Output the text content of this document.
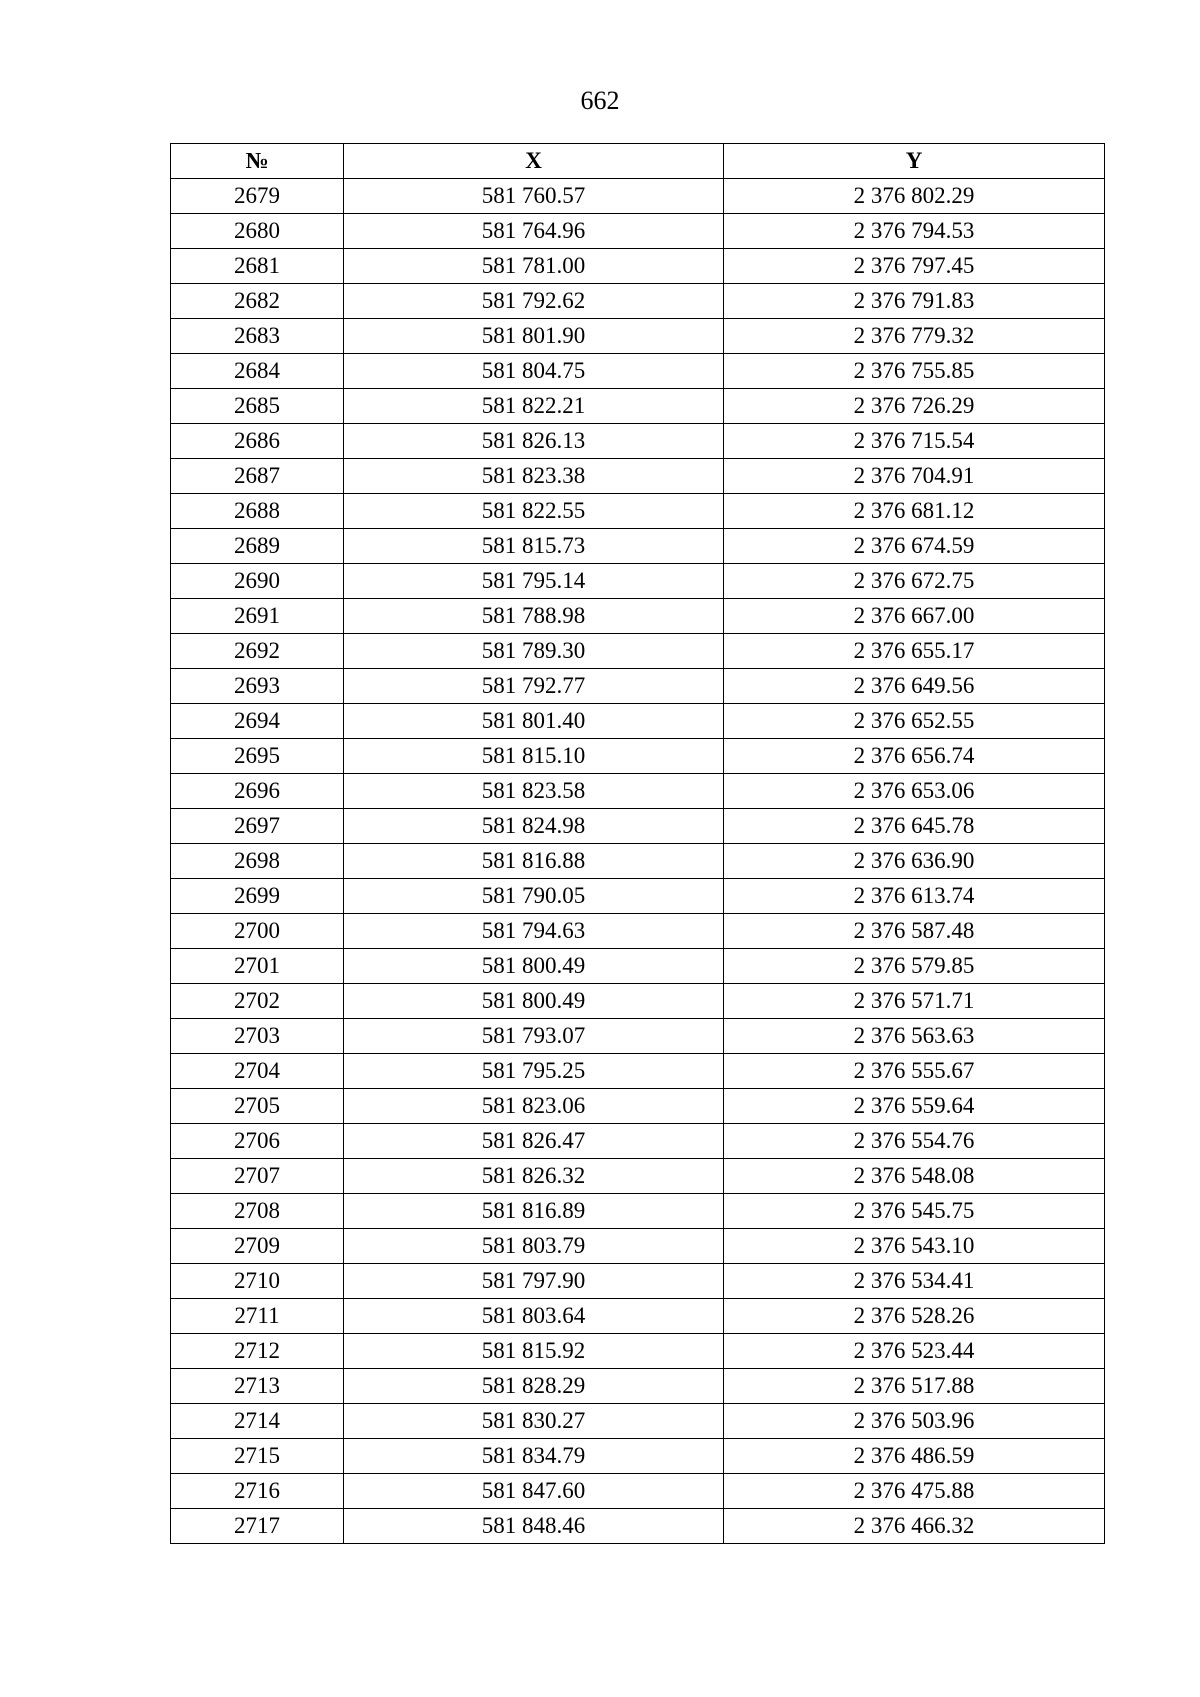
662
№	X	Y
2679	581 760.57	2 376 802.29
2680	581 764.96	2 376 794.53
2681	581 781.00	2 376 797.45
2682	581 792.62	2 376 791.83
2683	581 801.90	2 376 779.32
2684	581 804.75	2 376 755.85
2685	581 822.21	2 376 726.29
2686	581 826.13	2 376 715.54
2687	581 823.38	2 376 704.91
2688	581 822.55	2 376 681.12
2689	581 815.73	2 376 674.59
2690	581 795.14	2 376 672.75
2691	581 788.98	2 376 667.00
2692	581 789.30	2 376 655.17
2693	581 792.77	2 376 649.56
2694	581 801.40	2 376 652.55
2695	581 815.10	2 376 656.74
2696	581 823.58	2 376 653.06
2697	581 824.98	2 376 645.78
2698	581 816.88	2 376 636.90
2699	581 790.05	2 376 613.74
2700	581 794.63	2 376 587.48
2701	581 800.49	2 376 579.85
2702	581 800.49	2 376 571.71
2703	581 793.07	2 376 563.63
2704	581 795.25	2 376 555.67
2705	581 823.06	2 376 559.64
2706	581 826.47	2 376 554.76
2707	581 826.32	2 376 548.08
2708	581 816.89	2 376 545.75
2709	581 803.79	2 376 543.10
2710	581 797.90	2 376 534.41
2711	581 803.64	2 376 528.26
2712	581 815.92	2 376 523.44
2713	581 828.29	2 376 517.88
2714	581 830.27	2 376 503.96
2715	581 834.79	2 376 486.59
2716	581 847.60	2 376 475.88
2717	581 848.46	2 376 466.32
